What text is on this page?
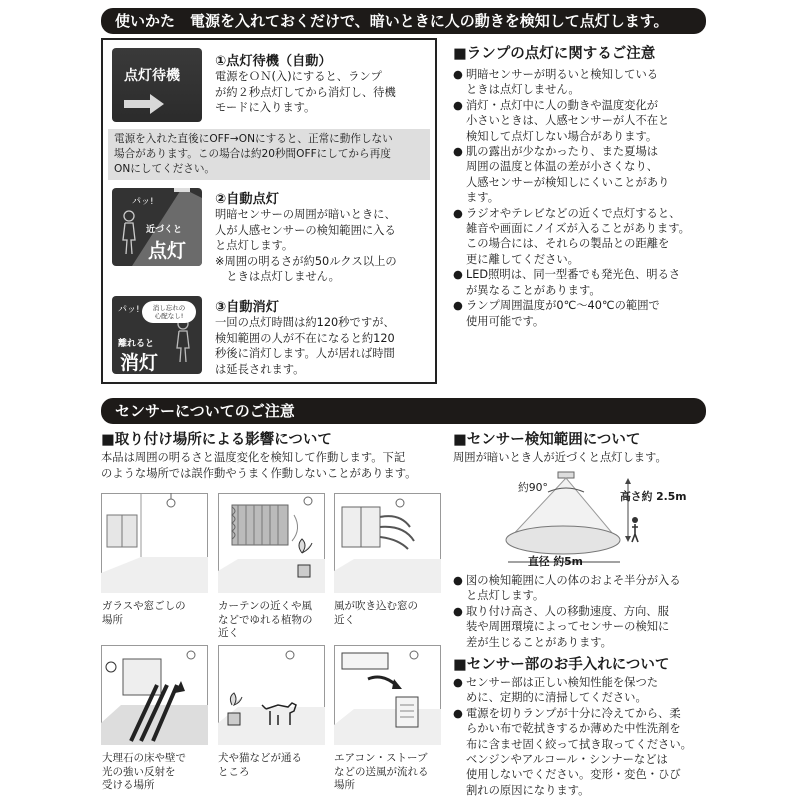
使いかた　電源を入れておくだけで、暗いときに人の動きを検知して点灯します。
点灯待機
①点灯待機（自動）
電源をＯＮ(入)にすると、ランプ
が約２秒点灯してから消灯し、待機
モードに入ります。
電源を入れた直後にOFF→ONにすると、正常に動作しない
場合があります。この場合は約20秒間OFFにしてから再度
ONにしてください。
パッ!
近づくと
点灯
②自動点灯
明暗センサーの周囲が暗いときに、
人が人感センサーの検知範囲に入る
と点灯します。
※周囲の明るさが約50ルクス以上の
　ときは点灯しません。
パッ!	消し忘れの
心配なし!
離れると
消灯
③自動消灯
一回の点灯時間は約120秒ですが、
検知範囲の人が不在になると約120
秒後に消灯します。人が居れば時間
は延長されます。
■ランプの点灯に関するご注意
● 明暗センサーが明るいと検知している
ときは点灯しません。
● 消灯・点灯中に人の動きや温度変化が
小さいときは、人感センサーが人不在と
検知して点灯しない場合があります。
● 肌の露出が少なかったり、また夏場は
周囲の温度と体温の差が小さくなり、
人感センサーが検知しにくいことがあり
ます。
● ラジオやテレビなどの近くで点灯すると、
雑音や画面にノイズが入ることがあります。
この場合には、それらの製品との距離を
更に離してください。
● LED照明は、同一型番でも発光色、明るさ
が異なることがあります。
● ランプ周囲温度が0℃～40℃の範囲で
使用可能です。
センサーについてのご注意
■取り付け場所による影響について
本品は周囲の明るさと温度変化を検知して作動します。下記
のような場所では誤作動やうまく作動しないことがあります。
ガラスや窓ごしの
場所
カーテンの近くや風
などでゆれる植物の
近く
風が吹き込む窓の
近く
大理石の床や壁で
光の強い反射を
受ける場所
犬や猫などが通る
ところ
エアコン・ストーブ
などの送風が流れる
場所
■センサー検知範囲について
周囲が暗いとき人が近づくと点灯します。
約90°
高さ約 2.5m
直径 約5m
● 図の検知範囲に人の体のおよそ半分が入る
と点灯します。
● 取り付け高さ、人の移動速度、方向、服
装や周囲環境によってセンサーの検知に
差が生じることがあります。
■センサー部のお手入れについて
● センサー部は正しい検知性能を保つた
めに、定期的に清掃してください。
● 電源を切りランプが十分に冷えてから、柔
らかい布で乾拭きするか薄めた中性洗剤を
布に含ませ固く絞って拭き取ってください。
ベンジンやアルコール・シンナーなどは
使用しないでください。変形・変色・ひび
割れの原因になります。
